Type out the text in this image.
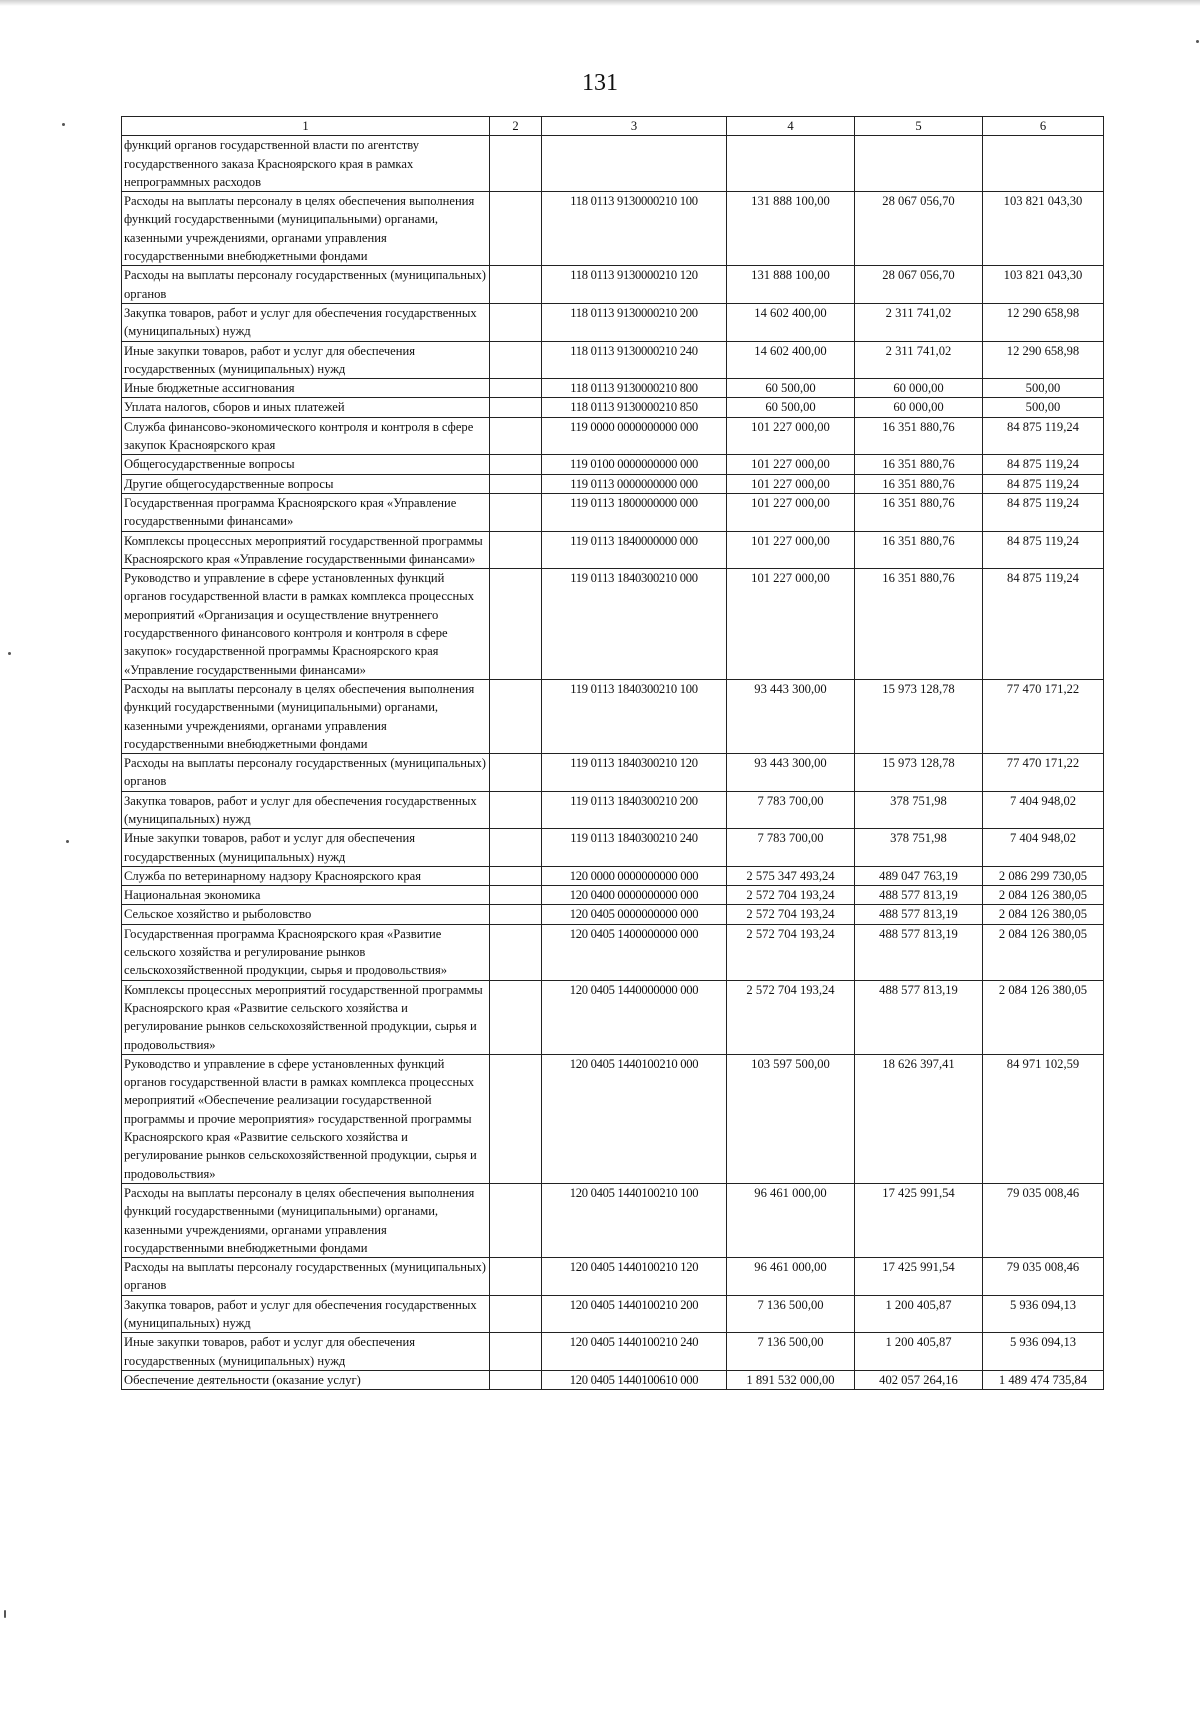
131
1	2	3	4	5	6
функций органов государственной власти по агентству государственного заказа Красноярского края в рамках непрограммных расходов					
Расходы на выплаты персоналу в целях обеспечения выполнения функций государственными (муниципальными) органами, казенными учреждениями, органами управления государственными внебюджетными фондами		118 0113 9130000210 100	131 888 100,00	28 067 056,70	103 821 043,30
Расходы на выплаты персоналу государственных (муниципальных) органов		118 0113 9130000210 120	131 888 100,00	28 067 056,70	103 821 043,30
Закупка товаров, работ и услуг для обеспечения государственных (муниципальных) нужд		118 0113 9130000210 200	14 602 400,00	2 311 741,02	12 290 658,98
Иные закупки товаров, работ и услуг для обеспечения государственных (муниципальных) нужд		118 0113 9130000210 240	14 602 400,00	2 311 741,02	12 290 658,98
Иные бюджетные ассигнования		118 0113 9130000210 800	60 500,00	60 000,00	500,00
Уплата налогов, сборов и иных платежей		118 0113 9130000210 850	60 500,00	60 000,00	500,00
Служба финансово-экономического контроля и контроля в сфере закупок Красноярского края		119 0000 0000000000 000	101 227 000,00	16 351 880,76	84 875 119,24
Общегосударственные вопросы		119 0100 0000000000 000	101 227 000,00	16 351 880,76	84 875 119,24
Другие общегосударственные вопросы		119 0113 0000000000 000	101 227 000,00	16 351 880,76	84 875 119,24
Государственная программа Красноярского края «Управление государственными финансами»		119 0113 1800000000 000	101 227 000,00	16 351 880,76	84 875 119,24
Комплексы процессных мероприятий государственной программы Красноярского края «Управление государственными финансами»		119 0113 1840000000 000	101 227 000,00	16 351 880,76	84 875 119,24
Руководство и управление в сфере установленных функций органов государственной власти в рамках комплекса процессных мероприятий «Организация и осуществление внутреннего государственного финансового контроля и контроля в сфере закупок» государственной программы Красноярского края «Управление государственными финансами»		119 0113 1840300210 000	101 227 000,00	16 351 880,76	84 875 119,24
Расходы на выплаты персоналу в целях обеспечения выполнения функций государственными (муниципальными) органами, казенными учреждениями, органами управления государственными внебюджетными фондами		119 0113 1840300210 100	93 443 300,00	15 973 128,78	77 470 171,22
Расходы на выплаты персоналу государственных (муниципальных) органов		119 0113 1840300210 120	93 443 300,00	15 973 128,78	77 470 171,22
Закупка товаров, работ и услуг для обеспечения государственных (муниципальных) нужд		119 0113 1840300210 200	7 783 700,00	378 751,98	7 404 948,02
Иные закупки товаров, работ и услуг для обеспечения государственных (муниципальных) нужд		119 0113 1840300210 240	7 783 700,00	378 751,98	7 404 948,02
Служба по ветеринарному надзору Красноярского края		120 0000 0000000000 000	2 575 347 493,24	489 047 763,19	2 086 299 730,05
Национальная экономика		120 0400 0000000000 000	2 572 704 193,24	488 577 813,19	2 084 126 380,05
Сельское хозяйство и рыболовство		120 0405 0000000000 000	2 572 704 193,24	488 577 813,19	2 084 126 380,05
Государственная программа Красноярского края «Развитие сельского хозяйства и регулирование рынков сельскохозяйственной продукции, сырья и продовольствия»		120 0405 1400000000 000	2 572 704 193,24	488 577 813,19	2 084 126 380,05
Комплексы процессных мероприятий государственной программы Красноярского края «Развитие сельского хозяйства и регулирование рынков сельскохозяйственной продукции, сырья и продовольствия»		120 0405 1440000000 000	2 572 704 193,24	488 577 813,19	2 084 126 380,05
Руководство и управление в сфере установленных функций органов государственной власти в рамках комплекса процессных мероприятий «Обеспечение реализации государственной программы и прочие мероприятия» государственной программы Красноярского края «Развитие сельского хозяйства и регулирование рынков сельскохозяйственной продукции, сырья и продовольствия»		120 0405 1440100210 000	103 597 500,00	18 626 397,41	84 971 102,59
Расходы на выплаты персоналу в целях обеспечения выполнения функций государственными (муниципальными) органами, казенными учреждениями, органами управления государственными внебюджетными фондами		120 0405 1440100210 100	96 461 000,00	17 425 991,54	79 035 008,46
Расходы на выплаты персоналу государственных (муниципальных) органов		120 0405 1440100210 120	96 461 000,00	17 425 991,54	79 035 008,46
Закупка товаров, работ и услуг для обеспечения государственных (муниципальных) нужд		120 0405 1440100210 200	7 136 500,00	1 200 405,87	5 936 094,13
Иные закупки товаров, работ и услуг для обеспечения государственных (муниципальных) нужд		120 0405 1440100210 240	7 136 500,00	1 200 405,87	5 936 094,13
Обеспечение деятельности (оказание услуг)		120 0405 1440100610 000	1 891 532 000,00	402 057 264,16	1 489 474 735,84
